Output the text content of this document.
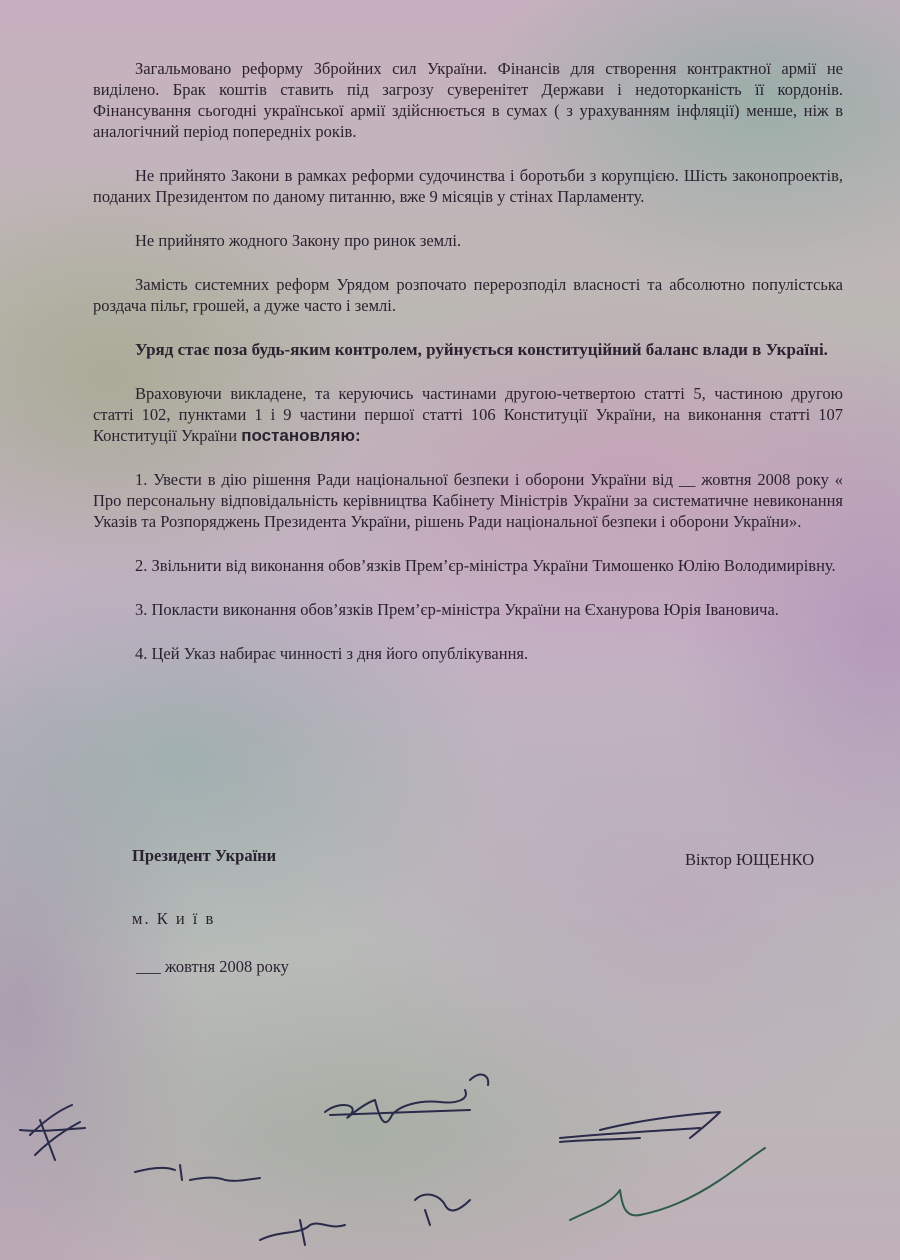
Загальмовано реформу Збройних сил України. Фінансів для створення контрактної армії не виділено. Брак коштів ставить під загрозу суверенітет Держави і недоторканість її кордонів. Фінансування сьогодні української армії здійснюється в сумах ( з урахуванням інфляції) менше, ніж в аналогічний період попередніх років.

Не прийнято Закони в рамках реформи судочинства і боротьби з корупцією. Шість законопроектів, поданих Президентом по даному питанню, вже 9 місяців у стінах Парламенту.

Не прийнято жодного Закону про ринок землі.

Замість системних реформ Урядом розпочато перерозподіл власності та абсолютно популістська роздача пільг, грошей, а дуже часто і землі.

Уряд стає поза будь-яким контролем, руйнується конституційний баланс влади в Україні.

Враховуючи викладене, та керуючись частинами другою-четвертою статті 5, частиною другою статті 102, пунктами 1 і 9 частини першої статті 106 Конституції України, на виконання статті 107 Конституції України постановляю:

1. Увести в дію рішення Ради національної безпеки і оборони України від __ жовтня 2008 року « Про персональну відповідальність керівництва Кабінету Міністрів України за систематичне невиконання Указів та Розпоряджень Президента України, рішень Ради національної безпеки і оборони України».

2. Звільнити від виконання обов’язків Прем’єр-міністра України Тимошенко Юлію Володимирівну.

3. Покласти виконання обов’язків Прем’єр-міністра України на Єханурова Юрія Івановича.

4. Цей Указ набирає чинності з дня його опублікування.

Президент України	Віктор ЮЩЕНКО
м. К и ї в
___ жовтня 2008 року
